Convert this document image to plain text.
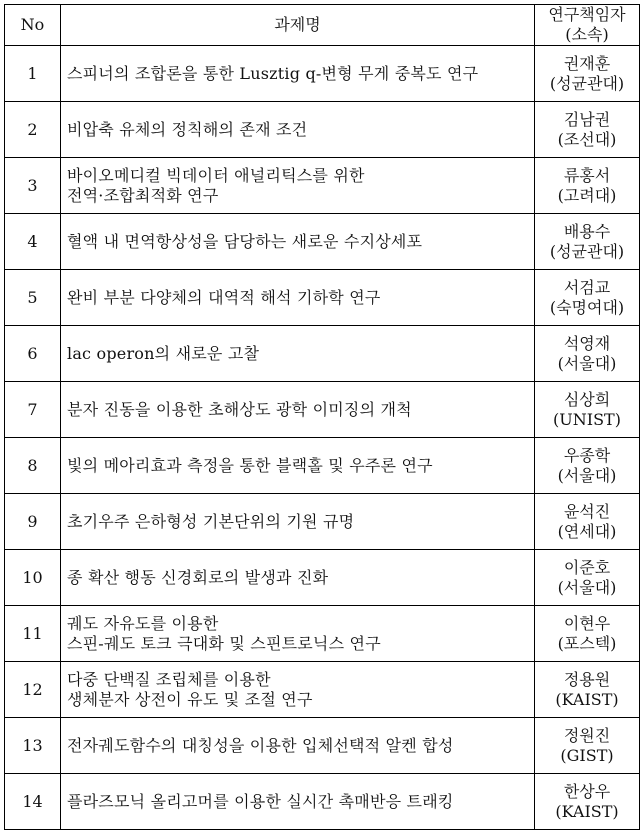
No	과제명	연구책임자
(소속)

1	스피너의 조합론을 통한 Lusztig q-변형 무게 중복도 연구	권재훈
(성균관대)

2	비압축 유체의 정칙해의 존재 조건	김남권
(조선대)

3	바이오메디컬 빅데이터 애널리틱스를 위한
전역·조합최적화 연구	류홍서
(고려대)

4	혈액 내 면역항상성을 담당하는 새로운 수지상세포	배용수
(성균관대)

5	완비 부분 다양체의 대역적 해석 기하학 연구	서검교
(숙명여대)

6	lac operon의 새로운 고찰	석영재
(서울대)

7	분자 진동을 이용한 초해상도 광학 이미징의 개척	심상희
(UNIST)

8	빛의 메아리효과 측정을 통한 블랙홀 및 우주론 연구	우종학
(서울대)

9	초기우주 은하형성 기본단위의 기원 규명	윤석진
(연세대)

10	종 확산 행동 신경회로의 발생과 진화	이준호
(서울대)

11	궤도 자유도를 이용한
스핀-궤도 토크 극대화 및 스핀트로닉스 연구	이현우
(포스텍)

12	다중 단백질 조립체를 이용한
생체분자 상전이 유도 및 조절 연구	정용원
(KAIST)

13	전자궤도함수의 대칭성을 이용한 입체선택적 알켄 합성	정원진
(GIST)

14	플라즈모닉 올리고머를 이용한 실시간 촉매반응 트래킹	한상우
(KAIST)
